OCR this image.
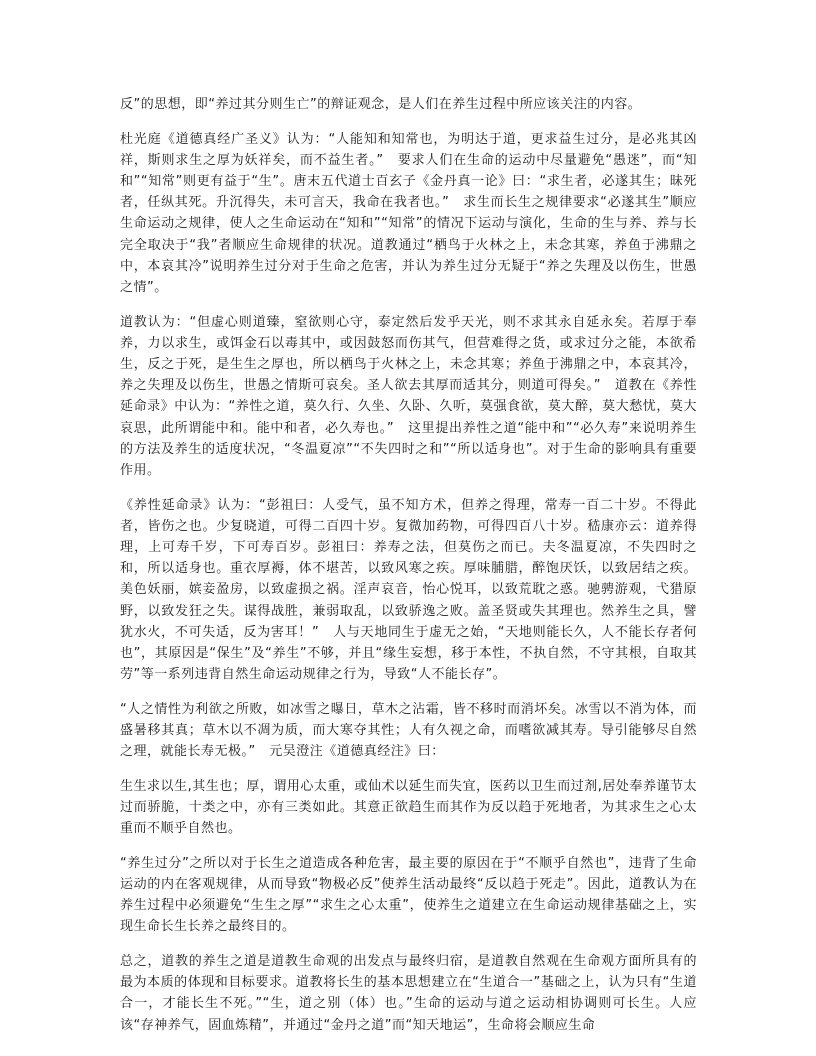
反”的思想，即“养过其分则生亡”的辩证观念，是人们在养生过程中所应该关注的内容。

杜光庭《道德真经广圣义》认为：“人能知和知常也，为明达于道，更求益生过分，是必兆其凶祥，斯则求生之厚为妖祥矣，而不益生者。”　要求人们在生命的运动中尽量避免“愚迷”，而“知和”“知常”则更有益于“生”。唐末五代道士百玄子《金丹真一论》曰：“求生者，必遂其生；昧死者，任纵其死。升沉得失，未可言天，我命在我者也。”　求生而长生之规律要求“必遂其生”顺应生命运动之规律，使人之生命运动在“知和”“知常”的情况下运动与演化，生命的生与养、养与长完全取决于“我”者顺应生命规律的状况。道教通过“栖鸟于火林之上，未念其寒，养鱼于沸鼎之中，本哀其冷”说明养生过分对于生命之危害，并认为养生过分无疑于“养之失理及以伤生，世愚之情”。

道教认为：“但虚心则道臻，窒欲则心守，泰定然后发乎天光，则不求其永自延永矣。若厚于奉养，力以求生，或饵金石以毒其中，或因鼓怒而伤其气，但营难得之货，或求过分之能，本欲希生，反之于死，是生生之厚也，所以栖鸟于火林之上，未念其寒；养鱼于沸鼎之中，本哀其冷，养之失理及以伤生，世愚之情斯可哀矣。圣人欲去其厚而适其分，则道可得矣。”　道教在《养性延命录》中认为：“养性之道，莫久行、久坐、久卧、久听，莫强食欲，莫大醉，莫大愁忧，莫大哀思，此所谓能中和。能中和者，必久寿也。”　这里提出养性之道“能中和”“必久寿”来说明养生的方法及养生的适度状况，“冬温夏凉”“不失四时之和”“所以适身也”。对于生命的影响具有重要作用。

《养性延命录》认为：“彭祖曰：人受气，虽不知方术，但养之得理，常寿一百二十岁。不得此者，皆伤之也。少复晓道，可得二百四十岁。复微加药物，可得四百八十岁。嵇康亦云：道养得理，上可寿千岁，下可寿百岁。彭祖曰：养寿之法，但莫伤之而已。夫冬温夏凉，不失四时之和，所以适身也。重衣厚褥，体不堪苦，以致风寒之疾。厚味脯腊，醉饱厌饫，以致居结之疾。美色妖丽，嫔妾盈房，以致虚损之祸。淫声哀音，怡心悦耳，以致荒耽之惑。驰骋游观，弋猎原野，以致发狂之失。谋得战胜，兼弱取乱，以致骄逸之败。盖圣贤或失其理也。然养生之具，譬犹水火，不可失适，反为害耳！”　人与天地同生于虚无之始，“天地则能长久，人不能长存者何也”，其原因是“保生”及“养生”不够，并且“缘生妄想，移于本性，不执自然，不守其根，自取其劳”等一系列违背自然生命运动规律之行为，导致“人不能长存”。

“人之情性为利欲之所败，如冰雪之曝日，草木之沾霜，皆不移时而消坏矣。冰雪以不消为体，而盛暑移其真；草木以不凋为质，而大寒夺其性；人有久视之命，而嗜欲减其寿。导引能够尽自然之理，就能长寿无极。”　元吴澄注《道德真经注》曰：

生生求以生,其生也；厚，谓用心太重，或仙术以延生而失宜，医药以卫生而过剂,居处奉养谨节太过而骄脆，十类之中，亦有三类如此。其意正欲趋生而其作为反以趋于死地者，为其求生之心太重而不顺乎自然也。

“养生过分”之所以对于长生之道造成各种危害，最主要的原因在于“不顺乎自然也”，违背了生命运动的内在客观规律，从而导致“物极必反”使养生活动最终“反以趋于死走”。因此，道教认为在养生过程中必须避免“生生之厚”“求生之心太重”，使养生之道建立在生命运动规律基础之上，实现生命长生长养之最终目的。

总之，道教的养生之道是道教生命观的出发点与最终归宿，是道教自然观在生命观方面所具有的最为本质的体现和目标要求。道教将长生的基本思想建立在“生道合一”基础之上，认为只有“生道合一，才能长生不死。”“生，道之别（体）也。”生命的运动与道之运动相协调则可长生。人应该“存神养气，固血炼精”，并通过“金丹之道”而“知天地运”，生命将会顺应生命
